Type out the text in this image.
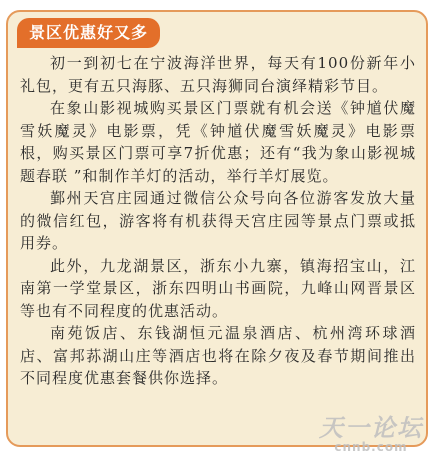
景区优惠好又多

初一到初七在宁波海洋世界，每天有100份新年小礼包，更有五只海豚、五只海狮同台演绎精彩节目。

在象山影视城购买景区门票就有机会送《钟馗伏魔雪妖魔灵》电影票，凭《钟馗伏魔雪妖魔灵》电影票根，购买景区门票可享7折优惠；还有“我为象山影视城题春联 ”和制作羊灯的活动，举行羊灯展览。

鄞州天宫庄园通过微信公众号向各位游客发放大量的微信红包，游客将有机获得天宫庄园等景点门票或抵用券。

此外，九龙湖景区，浙东小九寨，镇海招宝山，江南第一学堂景区，浙东四明山书画院，九峰山网晋景区等也有不同程度的优惠活动。

南苑饭店、东钱湖恒元温泉酒店、杭州湾环球酒店、富邦荪湖山庄等酒店也将在除夕夜及春节期间推出不同程度优惠套餐供你选择。

天一论坛
cnnb.com
